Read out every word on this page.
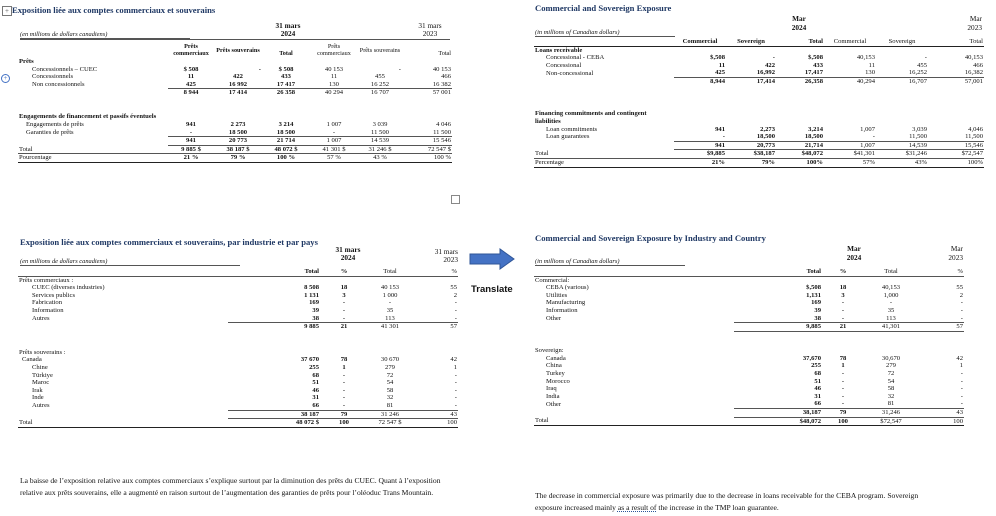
+ Exposition liée aux comptes commerciaux et souverains
(en millions de dollars canadiens)
31 mars
2024
31 mars
2023
	Prêts commerciaux	Prêts souverains	Total	Prêts commerciaux	Prêts souverains	Total
Prêts						
Concessionnels – CUEC	$ 508	-	$ 508	40 153	-	40 153
Concessionnels	11	422	433	11	455	466
Non concessionnels	425	16 992	17 417	130	16 252	16 382
	8 944	17 414	26 358	40 294	16 707	57 001

Engagements de financement et passifs éventuels						
Engagements de prêts	941	2 273	3 214	1 007	3 039	4 046
Garanties de prêts	-	18 500	18 500	-	11 500	11 500
	941	20 773	21 714	1 007	14 539	15 546
Total	9 885 $	38 187 $	48 072 $	41 301 $	31 246 $	72 547 $
Pourcentage	21 %	79 %	100 %	57 %	43 %	100 %
+
Commercial and Sovereign Exposure
(in millions of Canadian dollars)
Mar
2024
Mar
2023
	Commercial	Sovereign	Total	Commercial	Sovereign	Total
Loans receivable						
Concessional - CEBA	$,508	-	$,508	40,153	-	40,153
Concessional	11	422	433	11	455	466
Non-concessional	425	16,992	17,417	130	16,252	16,382
	8,944	17,414	26,358	40,294	16,707	57,001

Financing commitments and contingent liabilities						
Loan commitments	941	2,273	3,214	1,007	3,039	4,046
Loan guarantees	-	18,500	18,500	-	11,500	11,500
	941	20,773	21,714	1,007	14,539	15,546
Total	$9,885	$38,187	$48,072	$41,301	$31,246	$72,547
Percentage	21%	79%	100%	57%	43%	100%
Translate
Exposition liée aux comptes commerciaux et souverains, par industrie et par pays
(en millions de dollars canadiens)
31 mars
2024
31 mars
2023
	Total	%	Total	%
Prêts commerciaux :				
CUEC (diverses industries)	8 508	18	40 153	55
Services publics	1 131	3	1 000	2
Fabrication	169	-	-	-
Information	39	-	35	-
Autres	38	-	113	-
	9 885	21	41 301	57

Prêts souverains :				
Canada	37 670	78	30 670	42
Chine	255	1	279	1
Türkiye	68	-	72	-
Maroc	51	-	54	-
Irak	46	-	58	-
Inde	31	-	32	-
Autres	66	-	81	-
	38 187	79	31 246	43
Total	48 072 $	100	72 547 $	100
La baisse de l’exposition relative aux comptes commerciaux s’explique surtout par la diminution des prêts du CUEC. Quant à l’exposition relative aux prêts souverains, elle a augmenté en raison surtout de l’augmentation des garanties de prêts pour l’oléoduc Trans Mountain.
Commercial and Sovereign Exposure by Industry and Country
(in millions of Canadian dollars)
Mar
2024
Mar
2023
	Total	%	Total	%
Commercial:				
CEBA (various)	$,508	18	40,153	55
Utilities	1,131	3	1,000	2
Manufacturing	169	-	-	-
Information	39	-	35	-
Other	38	-	113	-
	9,885	21	41,301	57

Sovereign:				
Canada	37,670	78	30,670	42
China	255	1	279	1
Turkey	68	-	72	-
Morocco	51	-	54	-
Iraq	46	-	58	-
India	31	-	32	-
Other	66	-	81	-
	38,187	79	31,246	43
Total	$48,072	100	$72,547	100
The decrease in commercial exposure was primarily due to the decrease in loans receivable for the CEBA program. Sovereign exposure increased mainly as a result of the increase in the TMP loan guarantee.
